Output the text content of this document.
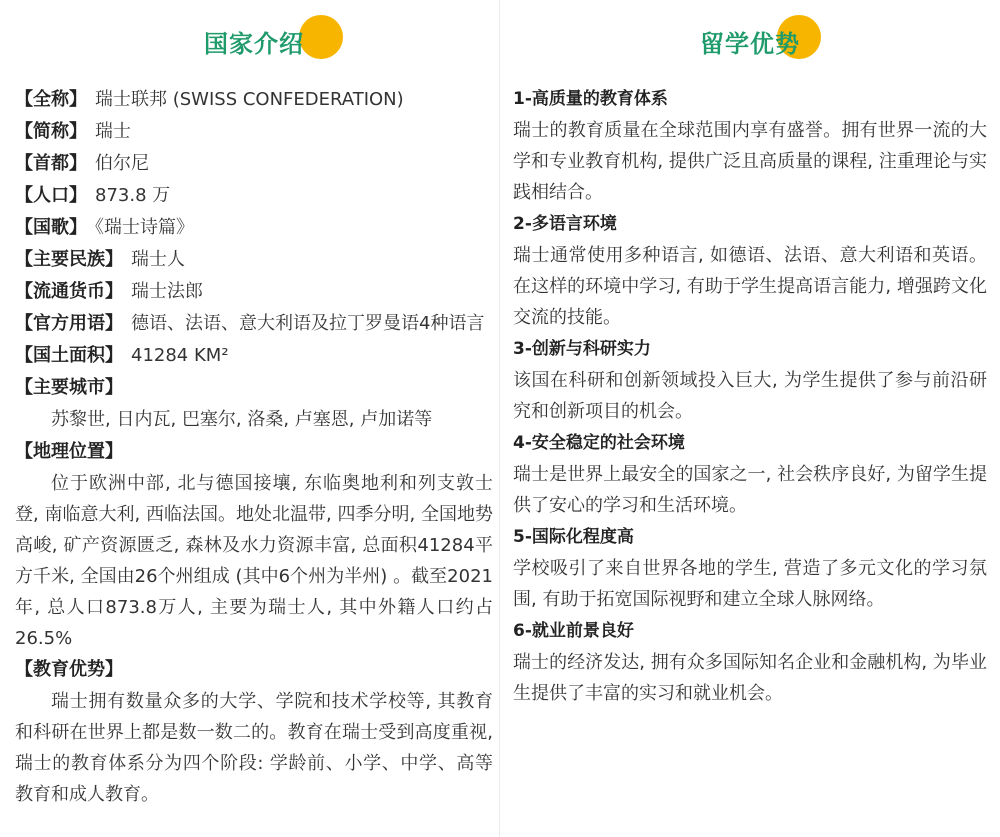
国家介绍
【全称】 瑞士联邦 (SWISS CONFEDERATION)
【简称】 瑞士
【首都】 伯尔尼
【人口】 873.8 万
【国歌】 《瑞士诗篇》
【主要民族】 瑞士人
【流通货币】 瑞士法郎
【官方用语】 德语、法语、意大利语及拉丁罗曼语4种语言
【国土面积】 41284 KM²
【主要城市】
苏黎世, 日内瓦, 巴塞尔, 洛桑, 卢塞恩, 卢加诺等
【地理位置】
位于欧洲中部, 北与德国接壤, 东临奥地利和列支敦士登, 南临意大利, 西临法国。地处北温带, 四季分明, 全国地势高峻, 矿产资源匮乏, 森林及水力资源丰富, 总面积41284平方千米, 全国由26个州组成 (其中6个州为半州) 。截至2021年, 总人口873.8万人, 主要为瑞士人, 其中外籍人口约占26.5%
【教育优势】
瑞士拥有数量众多的大学、学院和技术学校等, 其教育和科研在世界上都是数一数二的。教育在瑞士受到高度重视, 瑞士的教育体系分为四个阶段: 学龄前、小学、中学、高等教育和成人教育。
留学优势
1-高质量的教育体系
瑞士的教育质量在全球范围内享有盛誉。拥有世界一流的大学和专业教育机构, 提供广泛且高质量的课程, 注重理论与实践相结合。
2-多语言环境
瑞士通常使用多种语言, 如德语、法语、意大利语和英语。在这样的环境中学习, 有助于学生提高语言能力, 增强跨文化交流的技能。
3-创新与科研实力
该国在科研和创新领域投入巨大, 为学生提供了参与前沿研究和创新项目的机会。
4-安全稳定的社会环境
瑞士是世界上最安全的国家之一, 社会秩序良好, 为留学生提供了安心的学习和生活环境。
5-国际化程度高
学校吸引了来自世界各地的学生, 营造了多元文化的学习氛围, 有助于拓宽国际视野和建立全球人脉网络。
6-就业前景良好
瑞士的经济发达, 拥有众多国际知名企业和金融机构, 为毕业生提供了丰富的实习和就业机会。
